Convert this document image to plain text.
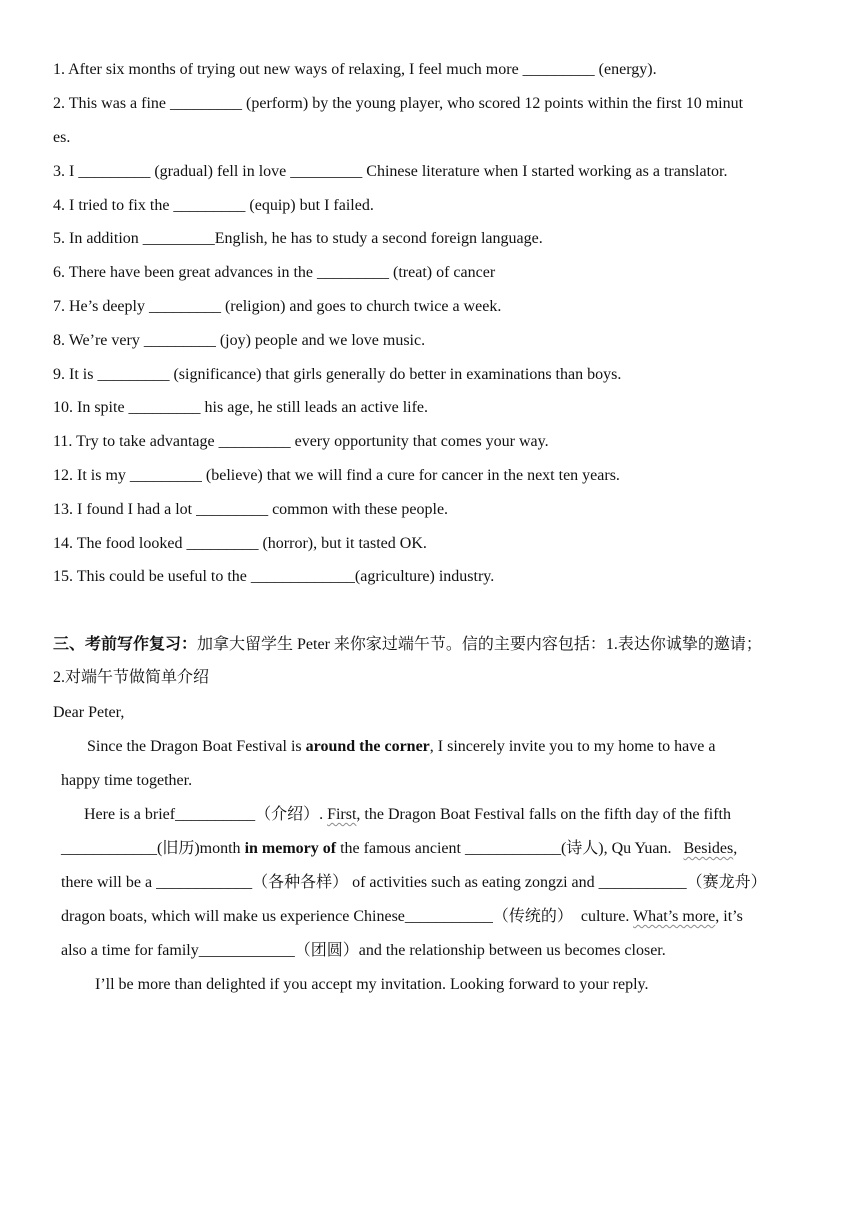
1. After six months of trying out new ways of relaxing, I feel much more _________ (energy).
2. This was a fine _________ (perform) by the young player, who scored 12 points within the first 10 minut
es.
3. I _________ (gradual) fell in love _________ Chinese literature when I started working as a translator.
4. I tried to fix the _________ (equip) but I failed.
5. In addition _________English, he has to study a second foreign language.
6. There have been great advances in the _________ (treat) of cancer
7. He’s deeply _________ (religion) and goes to church twice a week.
8. We’re very _________ (joy) people and we love music.
9. It is _________ (significance) that girls generally do better in examinations than boys.
10. In spite _________ his age, he still leads an active life.
11. Try to take advantage _________ every opportunity that comes your way.
12. It is my _________ (believe) that we will find a cure for cancer in the next ten years.
13. I found I had a lot _________ common with these people.
14. The food looked _________ (horror), but it tasted OK.
15. This could be useful to the _____________(agriculture) industry.
三、考前写作复习：加拿大留学生 Peter 来你家过端午节。信的主要内容包括：1.表达你诚挚的邀请；
2.对端午节做简单介绍
Dear Peter,
Since the Dragon Boat Festival is around the corner, I sincerely invite you to my home to have a
happy time together.
Here is a brief__________（介绍）. First, the Dragon Boat Festival falls on the fifth day of the fifth
____________(旧历)month in memory of the famous ancient ____________(诗人), Qu Yuan.   Besides,
there will be a ____________（各种各样） of activities such as eating zongzi and ___________（赛龙舟）
dragon boats, which will make us experience Chinese___________（传统的）  culture. What’s more, it’s
also a time for family____________（团圆）and the relationship between us becomes closer.
I’ll be more than delighted if you accept my invitation. Looking forward to your reply.
